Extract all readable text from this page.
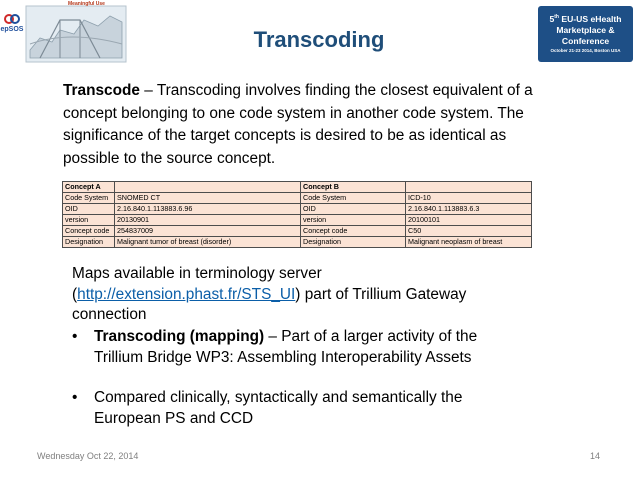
Meaningful Use
epSOS
5th EU-US eHealth
Marketplace &
Conference
October 21-23 2014, Boston USA
Transcoding
Transcode – Transcoding involves finding the closest equivalent of a concept belonging to one code system in another code system. The significance of the target concepts is desired to be as identical as possible to the source concept.
Concept A		Concept B	
Code System	SNOMED CT	Code System	ICD-10
OID	2.16.840.1.113883.6.96	OID	2.16.840.1.113883.6.3
version	20130901	version	20100101
Concept code	254837009	Concept code	C50
Designation	Malignant tumor of breast (disorder)	Designation	Malignant neoplasm of breast
Maps available in terminology server
(http://extension.phast.fr/STS_UI) part of Trillium Gateway connection
• Transcoding (mapping) – Part of a larger activity of the Trillium Bridge WP3: Assembling Interoperability Assets
• Compared clinically, syntactically and semantically the European PS and CCD
Wednesday Oct 22, 2014	14
